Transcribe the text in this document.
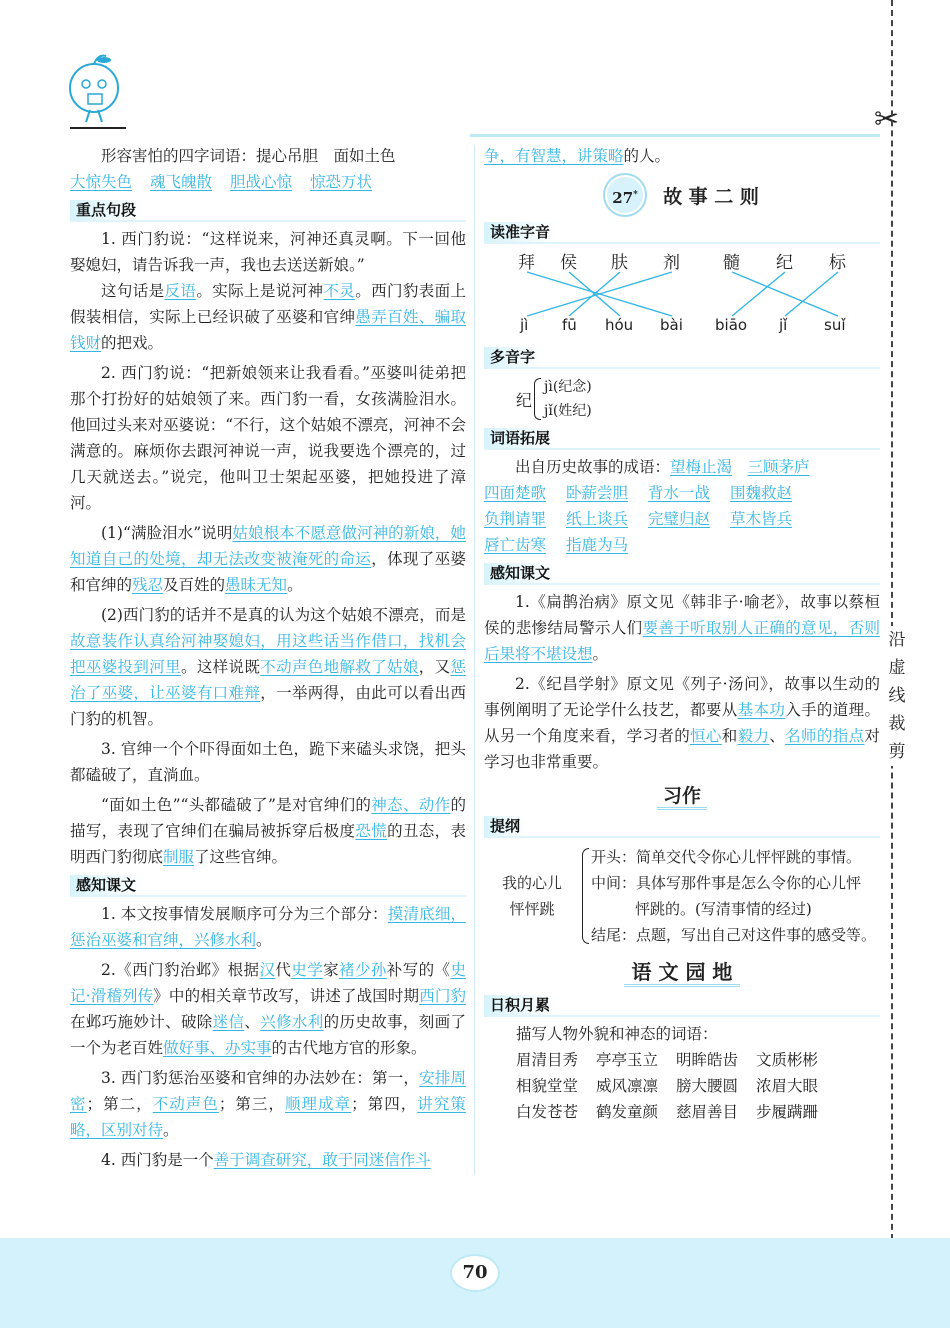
✂
沿
虚
线
裁
剪
形容害怕的四字词语：提心吊胆　面如土色
大惊失色 魂飞魄散 胆战心惊 惊恐万状
重点句段
1. 西门豹说：“这样说来，河神还真灵啊。下一回他娶媳妇，请告诉我一声，我也去送送新娘。”
这句话是反语。实际上是说河神不灵。西门豹表面上假装相信，实际上已经识破了巫婆和官绅愚弄百姓、骗取钱财的把戏。
2. 西门豹说：“把新娘领来让我看看。”巫婆叫徒弟把那个打扮好的姑娘领了来。西门豹一看，女孩满脸泪水。他回过头来对巫婆说：“不行，这个姑娘不漂亮，河神不会满意的。麻烦你去跟河神说一声，说我要选个漂亮的，过几天就送去。”说完，他叫卫士架起巫婆，把她投进了漳河。
(1)“满脸泪水”说明姑娘根本不愿意做河神的新娘，她知道自己的处境，却无法改变被淹死的命运，体现了巫婆和官绅的残忍及百姓的愚昧无知。
(2)西门豹的话并不是真的认为这个姑娘不漂亮，而是故意装作认真给河神娶媳妇，用这些话当作借口，找机会把巫婆投到河里。这样说既不动声色地解救了姑娘，又惩治了巫婆，让巫婆有口难辩，一举两得，由此可以看出西门豹的机智。
3. 官绅一个个吓得面如土色，跪下来磕头求饶，把头都磕破了，直淌血。
“面如土色”“头都磕破了”是对官绅们的神态、动作的描写，表现了官绅们在骗局被拆穿后极度恐慌的丑态，表明西门豹彻底制服了这些官绅。
感知课文
1. 本文按事情发展顺序可分为三个部分：摸清底细，惩治巫婆和官绅，兴修水利。
2.《西门豹治邺》根据汉代史学家褚少孙补写的《史记·滑稽列传》中的相关章节改写，讲述了战国时期西门豹在邺巧施妙计、破除迷信、兴修水利的历史故事，刻画了一个为老百姓做好事、办实事的古代地方官的形象。
3. 西门豹惩治巫婆和官绅的办法妙在：第一，安排周密；第二，不动声色；第三，顺理成章；第四，讲究策略，区别对待。
4. 西门豹是一个善于调查研究，敢于同迷信作斗
争，有智慧，讲策略的人。
27*	故 事 二 则
读准字音
拜 侯 肤 剂	髓 纪 标
jì fū hóu bài biāo jǐ suǐ
多音字
纪
jì(纪念)
jǐ(姓纪)
词语拓展
出自历史故事的成语：望梅止渴　 三顾茅庐
四面楚歌 卧薪尝胆 背水一战 围魏救赵
负荆请罪 纸上谈兵 完璧归赵 草木皆兵
唇亡齿寒 指鹿为马
感知课文
1.《扁鹊治病》原文见《韩非子·喻老》，故事以蔡桓侯的悲惨结局警示人们要善于听取别人正确的意见，否则后果将不堪设想。
2.《纪昌学射》原文见《列子·汤问》，故事以生动的事例阐明了无论学什么技艺，都要从基本功入手的道理。从另一个角度来看，学习者的恒心和毅力、名师的指点对学习也非常重要。
习作
提纲
我的心儿
怦怦跳
开头：简单交代令你心儿怦怦跳的事情。
中间：具体写那件事是怎么令你的心儿怦
怦跳的。(写清事情的经过)
结尾：点题，写出自己对这件事的感受等。
语 文 园 地
日积月累
描写人物外貌和神态的词语：
眉清目秀 亭亭玉立 明眸皓齿 文质彬彬
相貌堂堂 威风凛凛 膀大腰圆 浓眉大眼
白发苍苍 鹤发童颜 慈眉善目 步履蹒跚
70
